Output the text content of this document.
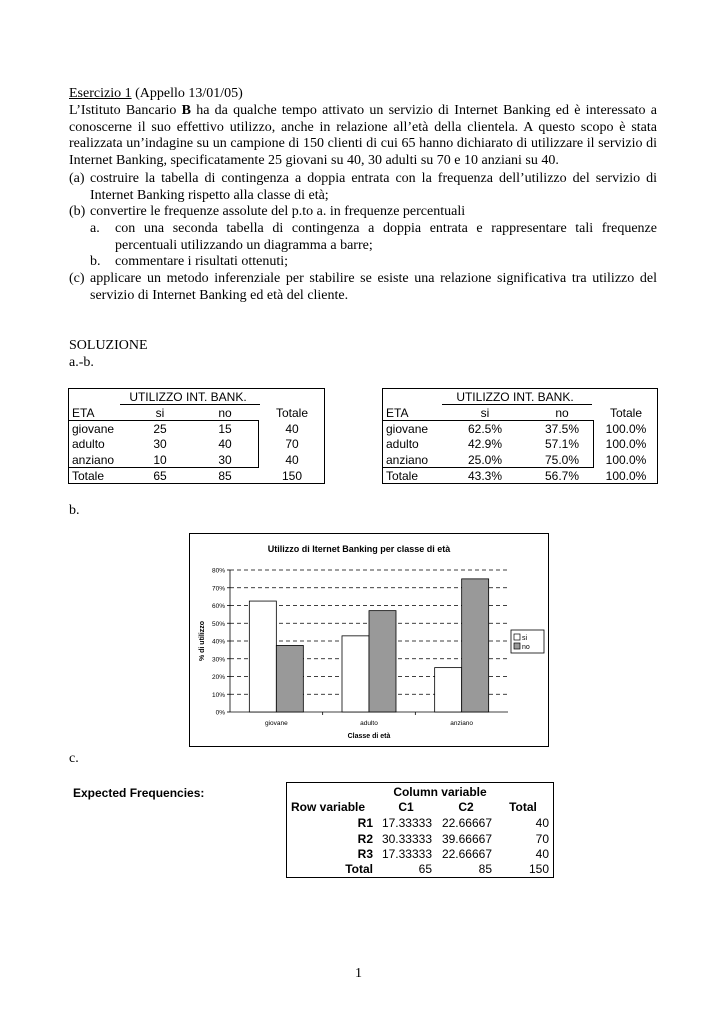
Esercizio 1 (Appello 13/01/05)
L’Istituto Bancario B ha da qualche tempo attivato un servizio di Internet Banking ed è interessato a conoscerne il suo effettivo utilizzo, anche in relazione all’età della clientela. A questo scopo è stata realizzata un’indagine su un campione di 150 clienti di cui 65 hanno dichiarato di utilizzare il servizio di Internet Banking, specificatamente 25 giovani su 40, 30 adulti su 70 e 10 anziani su 40.
(a) costruire la tabella di contingenza a doppia entrata con la frequenza dell’utilizzo del servizio di Internet Banking rispetto alla classe di età;
(b) convertire le frequenze assolute del p.to a. in frequenze percentuali
a. con una seconda tabella di contingenza a doppia entrata e rappresentare tali frequenze percentuali utilizzando un diagramma a barre;
b. commentare i risultati ottenuti;
(c) applicare un metodo inferenziale per stabilire se esiste una relazione significativa tra utilizzo del servizio di Internet Banking ed età del cliente.
SOLUZIONE
a.-b.
UTILIZZO INT. BANK.
ETA	si	no	Totale
giovane	25	15	40
adulto	30	40	70
anziano	10	30	40
Totale	65	85	150
UTILIZZO INT. BANK.
ETA	si	no	Totale
giovane	62.5%	37.5%	100.0%
adulto	42.9%	57.1%	100.0%
anziano	25.0%	75.0%	100.0%
Totale	43.3%	56.7%	100.0%
b.
Utilizzo di Iternet Banking per classe di età
0%
10%
20%
30%
40%
50%
60%
70%
80%
giovane	adulto	anziano
Classe di età
% di utilizzo	si
no
c.
Expected Frequencies:	Column variable
Row variable	C1	C2	Total
R1 17.33333 22.66667	40
R2 30.33333 39.66667	70
R3 17.33333 22.66667	40
Total	65	85	150
1
